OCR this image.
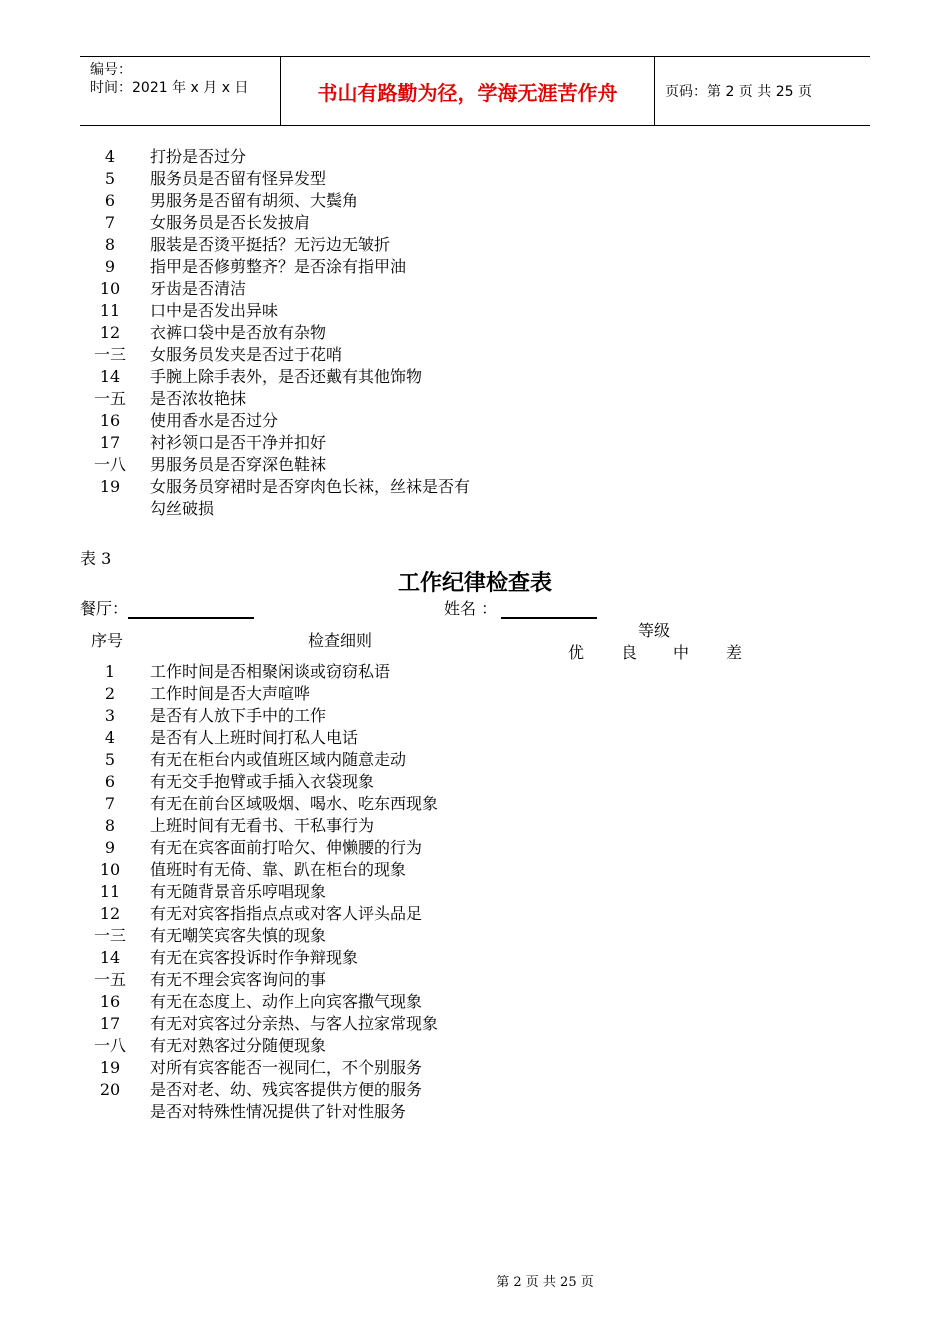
编号：
时间：2021 年 x 月 x 日	书山有路勤为径，学海无涯苦作舟	页码：第 2 页 共 25 页
4	打扮是否过分
5	服务员是否留有怪异发型
6	男服务是否留有胡须、大鬓角
7	女服务员是否长发披肩
8	服装是否烫平挺括？无污边无皱折
9	指甲是否修剪整齐？是否涂有指甲油
10	牙齿是否清洁
11	口中是否发出异味
12	衣裤口袋中是否放有杂物
一三	女服务员发夹是否过于花哨
14	手腕上除手表外，是否还戴有其他饰物
一五	是否浓妆艳抹
16	使用香水是否过分
17	衬衫领口是否干净并扣好
一八	男服务员是否穿深色鞋袜
19	女服务员穿裙时是否穿肉色长袜，丝袜是否有
勾丝破损
表 3
工作纪律检查表
餐厅：	姓名 ：
序号	检查细则
等级
优 良 中 差
1	工作时间是否相聚闲谈或窃窃私语
2	工作时间是否大声喧哗
3	是否有人放下手中的工作
4	是否有人上班时间打私人电话
5	有无在柜台内或值班区域内随意走动
6	有无交手抱臂或手插入衣袋现象
7	有无在前台区域吸烟、喝水、吃东西现象
8	上班时间有无看书、干私事行为
9	有无在宾客面前打哈欠、伸懒腰的行为
10	值班时有无倚、靠、趴在柜台的现象
11	有无随背景音乐哼唱现象
12	有无对宾客指指点点或对客人评头品足
一三	有无嘲笑宾客失慎的现象
14	有无在宾客投诉时作争辩现象
一五	有无不理会宾客询问的事
16	有无在态度上、动作上向宾客撒气现象
17	有无对宾客过分亲热、与客人拉家常现象
一八	有无对熟客过分随便现象
19	对所有宾客能否一视同仁，不个别服务
20	是否对老、幼、残宾客提供方便的服务
是否对特殊性情况提供了针对性服务
第 2 页 共 25 页
